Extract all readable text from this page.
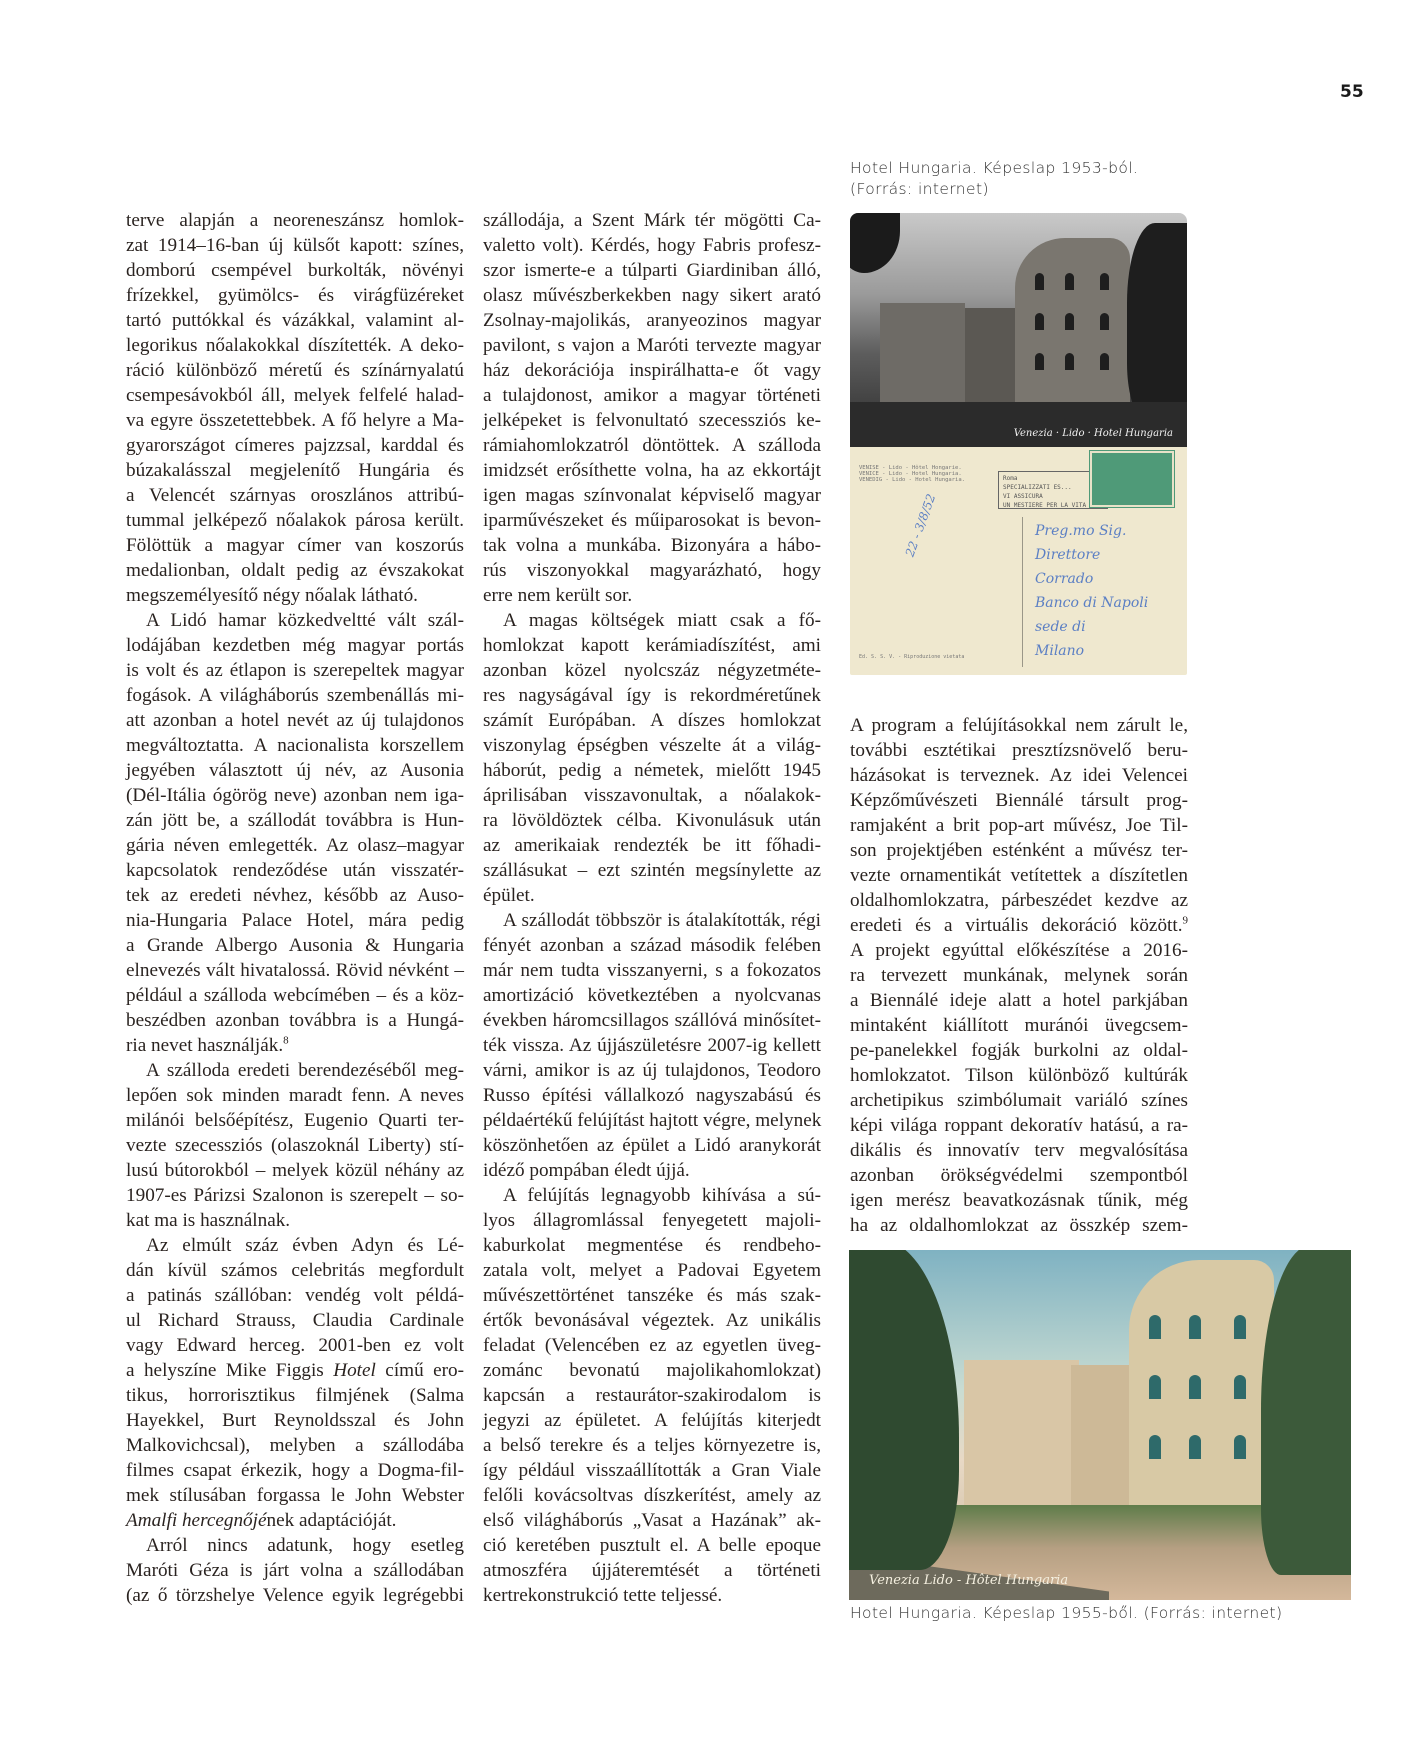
55
Hotel Hungaria. Képeslap 1953-ból.
(Forrás: internet)
Venezia · Lido · Hotel Hungaria
VENISE - Lido - Hôtel Hongarie.
VENICE - Lido - Hotel Hungaria.
VENEDIG - Lido - Hotel Hungaria.	Roma
SPECIALIZZATI ES...
VI ASSICURA
UN MESTIERE PER LA VITA
Preg.mo Sig.
Direttore
Corrado
Banco di Napoli
sede di
Milano
22 - 3/8/52
Ed. S. S. V. - Riproduzione vietata
terve alapján a neoreneszánsz homlok-
zat 1914–16-ban új külsőt kapott: színes,
domború csempével burkolták, növényi
frízekkel, gyümölcs- és virágfüzéreket
tartó puttókkal és vázákkal, valamint al-
legorikus nőalakokkal díszítették. A deko-
ráció különböző méretű és színárnyalatú
csempesávokból áll, melyek felfelé halad-
va egyre összetettebbek. A fő helyre a Ma-
gyarországot címeres pajzzsal, karddal és
búzakalásszal megjelenítő Hungária és
a Velencét szárnyas oroszlános attribú-
tummal jelképező nőalakok párosa került.
Fölöttük a magyar címer van koszorús
medalionban, oldalt pedig az évszakokat
megszemélyesítő négy nőalak látható.
A Lidó hamar közkedveltté vált szál-
lodájában kezdetben még magyar portás
is volt és az étlapon is szerepeltek magyar
fogások. A világháborús szembenállás mi-
att azonban a hotel nevét az új tulajdonos
megváltoztatta. A nacionalista korszellem
jegyében választott új név, az Ausonia
(Dél-Itália ógörög neve) azonban nem iga-
zán jött be, a szállodát továbbra is Hun-
gária néven emlegették. Az olasz–magyar
kapcsolatok rendeződése után visszatér-
tek az eredeti névhez, később az Auso-
nia-Hungaria Palace Hotel, mára pedig
a Grande Albergo Ausonia & Hungaria
elnevezés vált hivatalossá. Rövid névként –
például a szálloda webcímében – és a köz-
beszédben azonban továbbra is a Hungá-
ria nevet használják.$^8$
A szálloda eredeti berendezéséből meg-
lepően sok minden maradt fenn. A neves
milánói belsőépítész, Eugenio Quarti ter-
vezte szecessziós (olaszoknál Liberty) stí-
lusú bútorokból – melyek közül néhány az
1907-es Párizsi Szalonon is szerepelt – so-
kat ma is használnak.
Az elmúlt száz évben Adyn és Lé-
dán kívül számos celebritás megfordult
a patinás szállóban: vendég volt példá-
ul Richard Strauss, Claudia Cardinale
vagy Edward herceg. 2001-ben ez volt
a helyszíne Mike Figgis Hotel című ero-
tikus, horrorisztikus filmjének (Salma
Hayekkel, Burt Reynoldsszal és John
Malkovichcsal), melyben a szállodába
filmes csapat érkezik, hogy a Dogma-fil-
mek stílusában forgassa le John Webster
Amalfi hercegnőjének adaptációját.
Arról nincs adatunk, hogy esetleg
Maróti Géza is járt volna a szállodában
(az ő törzshelye Velence egyik legrégebbi
szállodája, a Szent Márk tér mögötti Ca-
valetto volt). Kérdés, hogy Fabris profesz-
szor ismerte-e a túlparti Giardiniban álló,
olasz művészberkekben nagy sikert arató
Zsolnay-majolikás, aranyeozinos magyar
pavilont, s vajon a Maróti tervezte magyar
ház dekorációja inspirálhatta-e őt vagy
a tulajdonost, amikor a magyar történeti
jelképeket is felvonultató szecessziós ke-
rámiahomlokzatról döntöttek. A szálloda
imidzsét erősíthette volna, ha az ekkortájt
igen magas színvonalat képviselő magyar
iparművészeket és műiparosokat is bevon-
tak volna a munkába. Bizonyára a hábo-
rús viszonyokkal magyarázható, hogy
erre nem került sor.
A magas költségek miatt csak a fő-
homlokzat kapott kerámiadíszítést, ami
azonban közel nyolcszáz négyzetméte-
res nagyságával így is rekordméretűnek
számít Európában. A díszes homlokzat
viszonylag épségben vészelte át a világ-
háborút, pedig a németek, mielőtt 1945
áprilisában visszavonultak, a nőalakok-
ra lövöldöztek célba. Kivonulásuk után
az amerikaiak rendezték be itt főhadi-
szállásukat – ezt szintén megsínylette az
épület.
A szállodát többször is átalakították, régi
fényét azonban a század második felében
már nem tudta visszanyerni, s a fokozatos
amortizáció következtében a nyolcvanas
években háromcsillagos szállóvá minősítet-
ték vissza. Az újjászületésre 2007-ig kellett
várni, amikor is az új tulajdonos, Teodoro
Russo építési vállalkozó nagyszabású és
példaértékű felújítást hajtott végre, melynek
köszönhetően az épület a Lidó aranykorát
idéző pompában éledt újjá.
A felújítás legnagyobb kihívása a sú-
lyos állagromlással fenyegetett majoli-
kaburkolat megmentése és rendbeho-
zatala volt, melyet a Padovai Egyetem
művészettörténet tanszéke és más szak-
értők bevonásával végeztek. Az unikális
feladat (Velencében ez az egyetlen üveg-
zománc bevonatú majolikahomlokzat)
kapcsán a restaurátor-szakirodalom is
jegyzi az épületet. A felújítás kiterjedt
a belső terekre és a teljes környezetre is,
így például visszaállították a Gran Viale
felőli kovácsoltvas díszkerítést, amely az
első világháborús „Vasat a Hazának” ak-
ció keretében pusztult el. A belle epoque
atmoszféra újjáteremtését a történeti
kertrekonstrukció tette teljessé.
A program a felújításokkal nem zárult le,
további esztétikai presztízsnövelő beru-
házásokat is terveznek. Az idei Velencei
Képzőművészeti Biennálé társult prog-
ramjaként a brit pop-art művész, Joe Til-
son projektjében esténként a művész ter-
vezte ornamentikát vetítettek a díszítetlen
oldalhomlokzatra, párbeszédet kezdve az
eredeti és a virtuális dekoráció között.$^9$
A projekt egyúttal előkészítése a 2016-
ra tervezett munkának, melynek során
a Biennálé ideje alatt a hotel parkjában
mintaként kiállított muránói üvegcsem-
pe-panelekkel fogják burkolni az oldal-
homlokzatot. Tilson különböző kultúrák
archetipikus szimbólumait variáló színes
képi világa roppant dekoratív hatású, a ra-
dikális és innovatív terv megvalósítása
azonban örökségvédelmi szempontból
igen merész beavatkozásnak tűnik, még
ha az oldalhomlokzat az összkép szem-
Venezia Lido - Hôtel Hungaria
Hotel Hungaria. Képeslap 1955-ből. (Forrás: internet)
